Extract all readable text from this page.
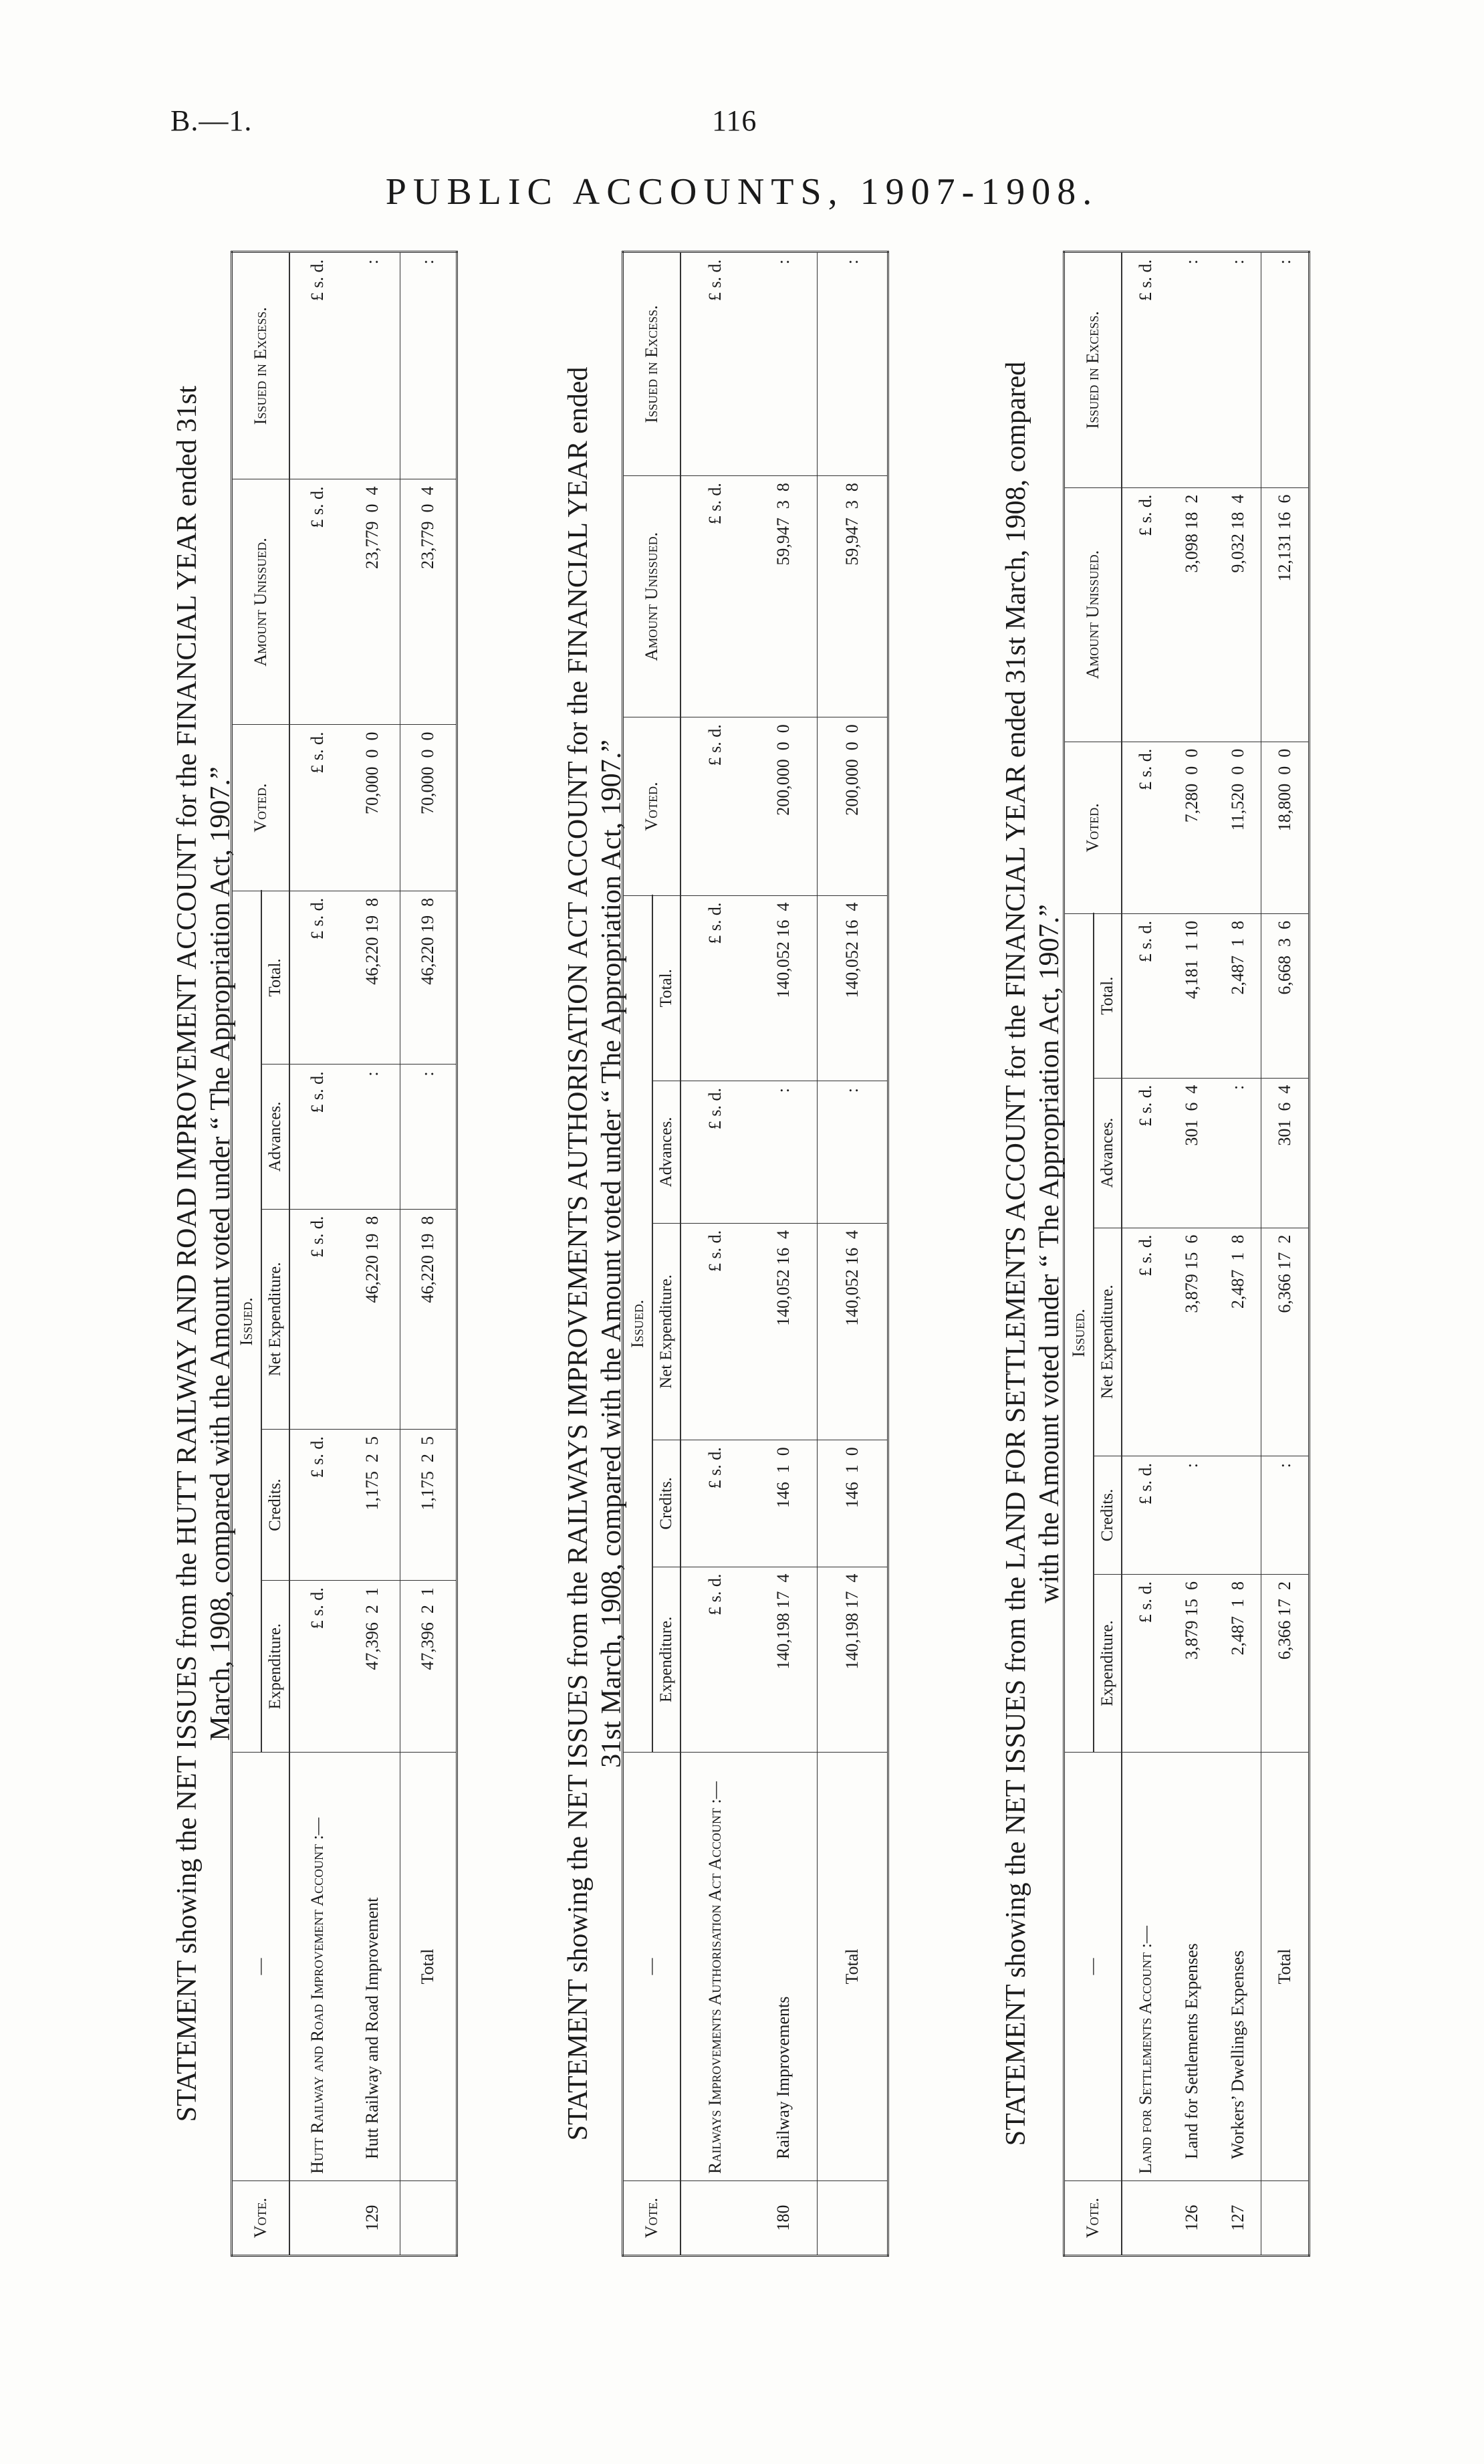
B.—1.	116
PUBLIC ACCOUNTS, 1907-1908.
STATEMENT showing the NET ISSUES from the HUTT RAILWAY AND ROAD IMPROVEMENT ACCOUNT for the FINANCIAL YEAR ended 31st March, 1908, compared with the Amount voted under “ The Appropriation Act, 1907.”
Vote.	—	Issued.					Voted.	Amount Unissued.	Issued in Excess.
		Expenditure.	Credits.	Net Expenditure.	Advances.	Total.			

	Hutt Railway and Road Improvement Account :—	£ s. d.	£ s. d.	£ s. d.	£ s. d.	£ s. d.	£ s. d.	£ s. d.	£ s. d.
129	Hutt Railway and Road Improvement	47,396  2  1	1,175  2  5	46,220 19  8	:	46,220 19  8	70,000  0  0	23,779  0  4	:
	Total	47,396  2  1	1,175  2  5	46,220 19  8	:	46,220 19  8	70,000  0  0	23,779  0  4	:
STATEMENT showing the NET ISSUES from the RAILWAYS IMPROVEMENTS AUTHORISATION ACT ACCOUNT for the FINANCIAL YEAR ended 31st March, 1908, compared with the Amount voted under “ The Appropriation Act, 1907.”
Vote.	—	Issued.					Voted.	Amount Unissued.	Issued in Excess.
		Expenditure.	Credits.	Net Expenditure.	Advances.	Total.			

	Railways Improvements Authorisation Act Account :—	£ s. d.	£ s. d.	£ s. d.	£ s. d.	£ s. d.	£ s. d.	£ s. d.	£ s. d.
180	Railway Improvements	140,198 17  4	146  1  0	140,052 16  4	:	140,052 16  4	200,000  0  0	59,947  3  8	:
	Total	140,198 17  4	146  1  0	140,052 16  4	:	140,052 16  4	200,000  0  0	59,947  3  8	:
STATEMENT showing the NET ISSUES from the LAND FOR SETTLEMENTS ACCOUNT for the FINANCIAL YEAR ended 31st March, 1908, compared with the Amount voted under “ The Appropriation Act, 1907.”
Vote.	—	Issued.					Voted.	Amount Unissued.	Issued in Excess.
		Expenditure.	Credits.	Net Expenditure.	Advances.	Total.			

	Land for Settlements Account :—	£ s. d.	£ s. d.	£ s. d.	£ s. d.	£ s. d.	£ s. d.	£ s. d.	£ s. d.
126	Land for Settlements Expenses	3,879 15  6	:	3,879 15  6	301  6  4	4,181  1 10	7,280  0  0	3,098 18  2	:
127	Workers’ Dwellings Expenses	2,487  1  8		2,487  1  8	:	2,487  1  8	11,520  0  0	9,032 18  4	:
	Total	6,366 17  2	:	6,366 17  2	301  6  4	6,668  3  6	18,800  0  0	12,131 16  6	:
